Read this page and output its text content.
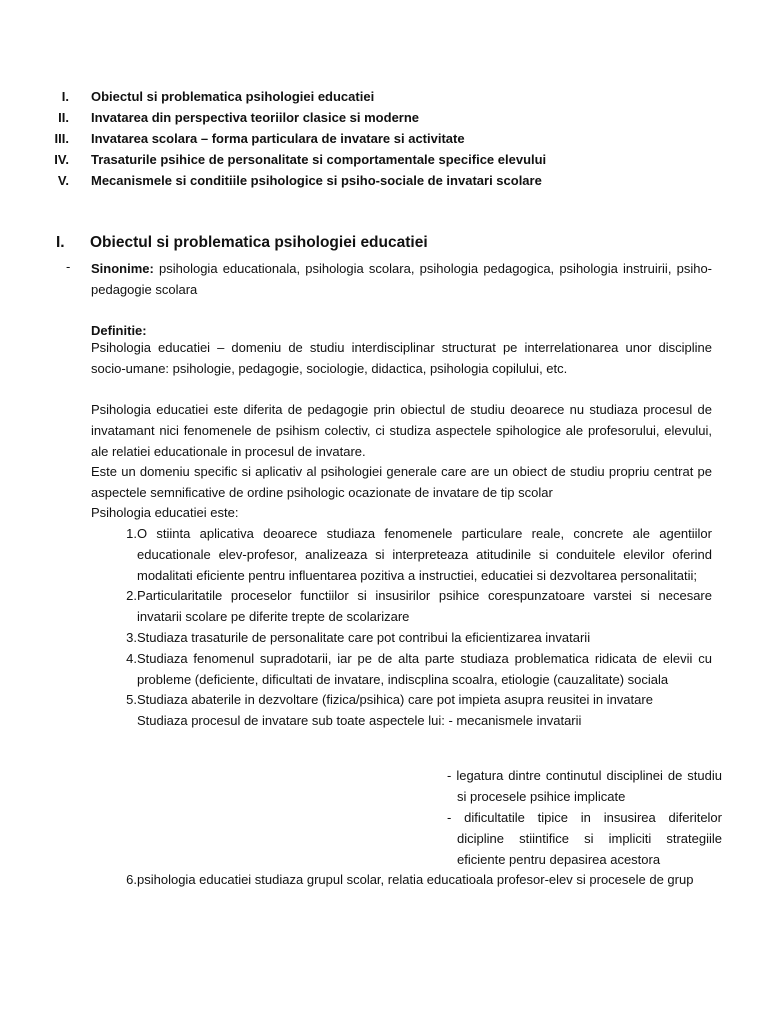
I. Obiectul si problematica psihologiei educatiei
II. Invatarea din perspectiva teoriilor clasice si moderne
III. Invatarea scolara – forma particulara de invatare si activitate
IV. Trasaturile psihice de personalitate si comportamentale specifice elevului
V. Mecanismele si conditiile psihologice si psiho-sociale de invatari scolare
I.	Obiectul si problematica psihologiei educatiei
- Sinonime: psihologia educationala, psihologia scolara, psihologia pedagogica, psihologia instruirii, psiho-pedagogie scolara
Definitie:
Psihologia educatiei – domeniu de studiu interdisciplinar structurat pe interrelationarea unor discipline socio-umane: psihologie, pedagogie, sociologie, didactica, psihologia copilului, etc.
Psihologia educatiei este diferita de pedagogie prin obiectul de studiu deoarece nu studiaza procesul de invatamant nici fenomenele de psihism colectiv, ci studiza aspectele spihologice ale profesorului, elevului, ale relatiei educationale in procesul de invatare.
Este un domeniu specific si aplicativ al psihologiei generale care are un obiect de studiu propriu centrat pe aspectele semnificative de ordine psihologic ocazionate de invatare de tip scolar
Psihologia educatiei este:
1. O stiinta aplicativa deoarece studiaza fenomenele particulare reale, concrete ale agentiilor educationale elev-profesor, analizeaza si interpreteaza atitudinile si conduitele elevilor oferind modalitati eficiente pentru influentarea pozitiva a instructiei, educatiei si dezvoltarea personalitatii;
2. Particularitatile proceselor functiilor si insusirilor psihice corespunzatoare varstei si necesare invatarii scolare pe diferite trepte de scolarizare
3. Studiaza trasaturile de personalitate care pot contribui la eficientizarea invatarii
4. Studiaza fenomenul supradotarii, iar pe de alta parte studiaza problematica ridicata de elevii cu probleme (deficiente, dificultati de invatare, indiscplina scoalra, etiologie (cauzalitate) sociala
5. Studiaza abaterile in dezvoltare (fizica/psihica) care pot impieta asupra reusitei in invatare
Studiaza procesul de invatare sub toate aspectele lui: - mecanismele invatarii
- legatura dintre continutul disciplinei de studiu si procesele psihice implicate
- dificultatile tipice in insusirea diferitelor dicipline stiintifice si impliciti strategiile eficiente pentru depasirea acestora
6. psihologia educatiei studiaza grupul scolar, relatia educatioala profesor-elev si procesele de grup
